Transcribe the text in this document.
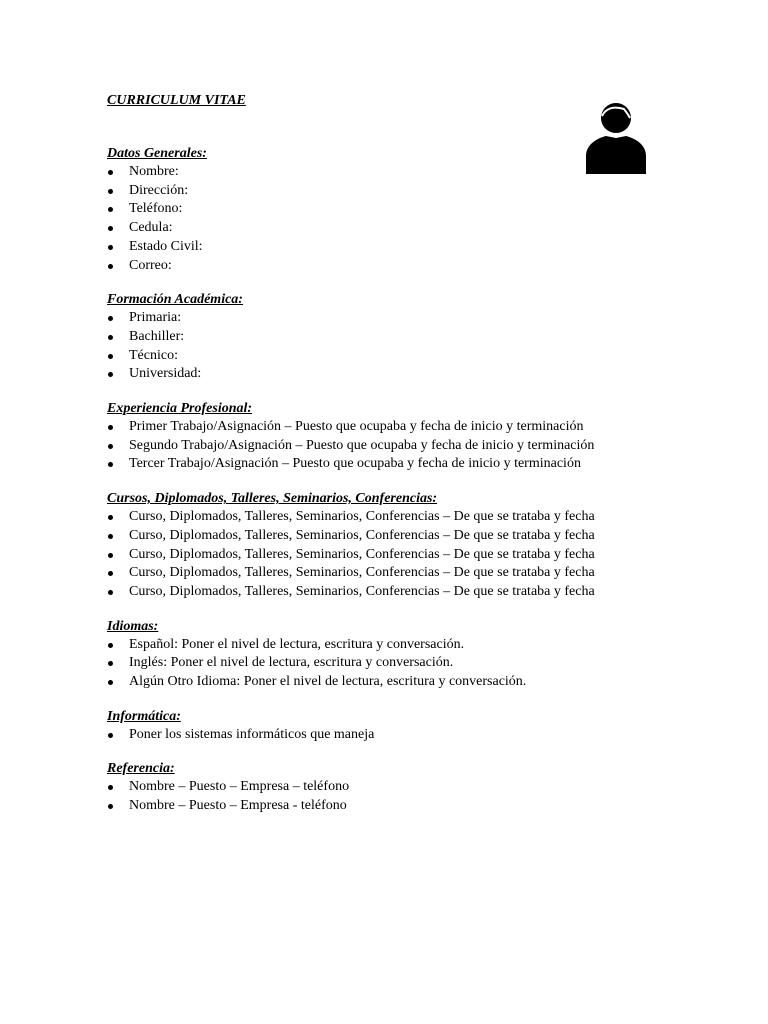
CURRICULUM VITAE
Datos Generales:
Nombre:
Dirección:
Teléfono:
Cedula:
Estado Civil:
Correo:
Formación Académica:
Primaria:
Bachiller:
Técnico:
Universidad:
Experiencia Profesional:
Primer Trabajo/Asignación – Puesto que ocupaba y fecha de inicio y terminación
Segundo Trabajo/Asignación – Puesto que ocupaba y fecha de inicio y terminación
Tercer Trabajo/Asignación – Puesto que ocupaba y fecha de inicio y terminación
Cursos, Diplomados, Talleres, Seminarios, Conferencias:
Curso, Diplomados, Talleres, Seminarios, Conferencias – De que se trataba y fecha
Curso, Diplomados, Talleres, Seminarios, Conferencias – De que se trataba y fecha
Curso, Diplomados, Talleres, Seminarios, Conferencias – De que se trataba y fecha
Curso, Diplomados, Talleres, Seminarios, Conferencias – De que se trataba y fecha
Curso, Diplomados, Talleres, Seminarios, Conferencias – De que se trataba y fecha
Idiomas:
Español: Poner el nivel de lectura, escritura y conversación.
Inglés: Poner el nivel de lectura, escritura y conversación.
Algún Otro Idioma: Poner el nivel de lectura, escritura y conversación.
Informática:
Poner los sistemas informáticos que maneja
Referencia:
Nombre – Puesto – Empresa – teléfono
Nombre – Puesto – Empresa - teléfono
